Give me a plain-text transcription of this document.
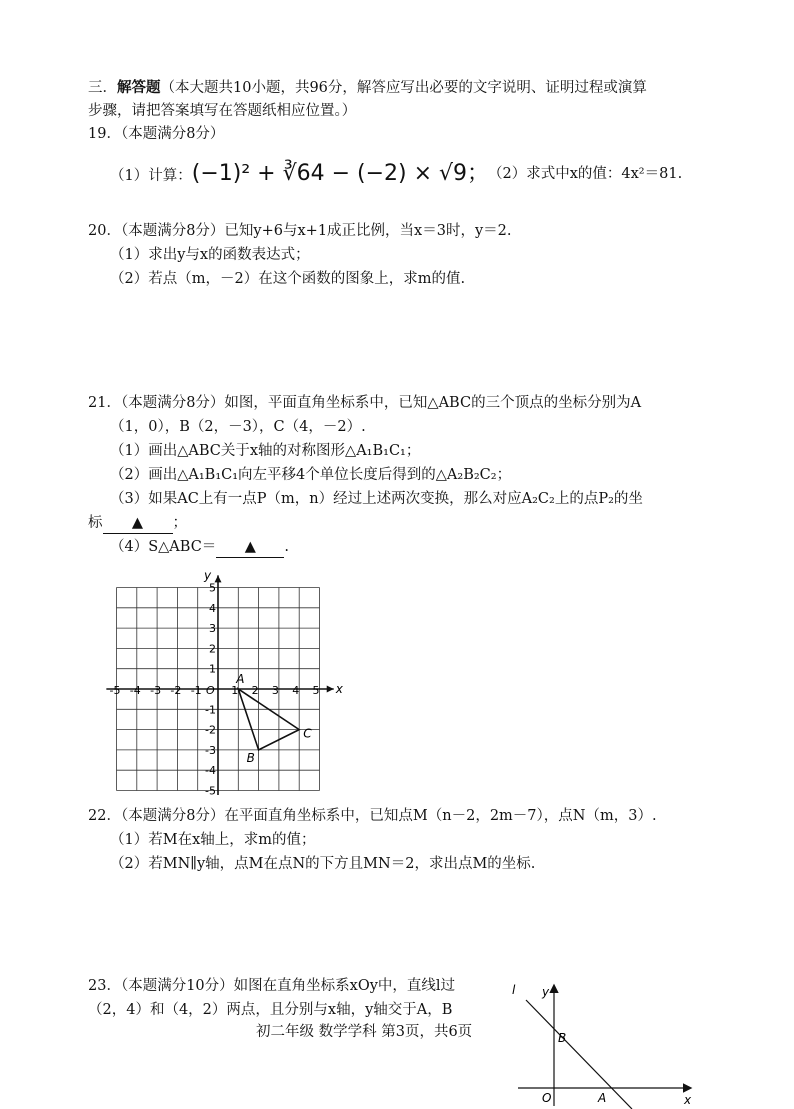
三．解答题（本大题共10小题，共96分，解答应写出必要的文字说明、证明过程或演算
步骤，请把答案填写在答题纸相应位置。）
19．（本题满分8分）
（1）计算：(−1)² + ∛64 − (−2) × √9；
（2）求式中x的值：4x²＝81.
20．（本题满分8分）已知y+6与x+1成正比例，当x＝3时，y＝2.
（1）求出y与x的函数表达式；
（2）若点（m，－2）在这个函数的图象上，求m的值.
21．（本题满分8分）如图，平面直角坐标系中，已知△ABC的三个顶点的坐标分别为A
（1，0），B（2，－3），C（4，－2）.
（1）画出△ABC关于x轴的对称图形△A₁B₁C₁；
（2）画出△A₁B₁C₁向左平移4个单位长度后得到的△A₂B₂C₂；
（3）如果AC上有一点P（m，n）经过上述两次变换，那么对应A₂C₂上的点P₂的坐
标 ▲ ；
（4）S△ABC＝ ▲ .
x
y
-5 -4 -3 -2 -1 O 1 2 3 4 5
5
4
3
2
1
-1
-2
-3
-4
-5
A
B
C
22．（本题满分8分）在平面直角坐标系中，已知点M（n－2，2m－7），点N（m，3）.
（1）若M在x轴上，求m的值；
（2）若MN∥y轴，点M在点N的下方且MN＝2，求出点M的坐标.
23．（本题满分10分）如图在直角坐标系xOy中，直线l过
（2，4）和（4，2）两点，且分别与x轴，y轴交于A，B
初二年级 数学学科 第3页，共6页
y
x
O	A
B
l
